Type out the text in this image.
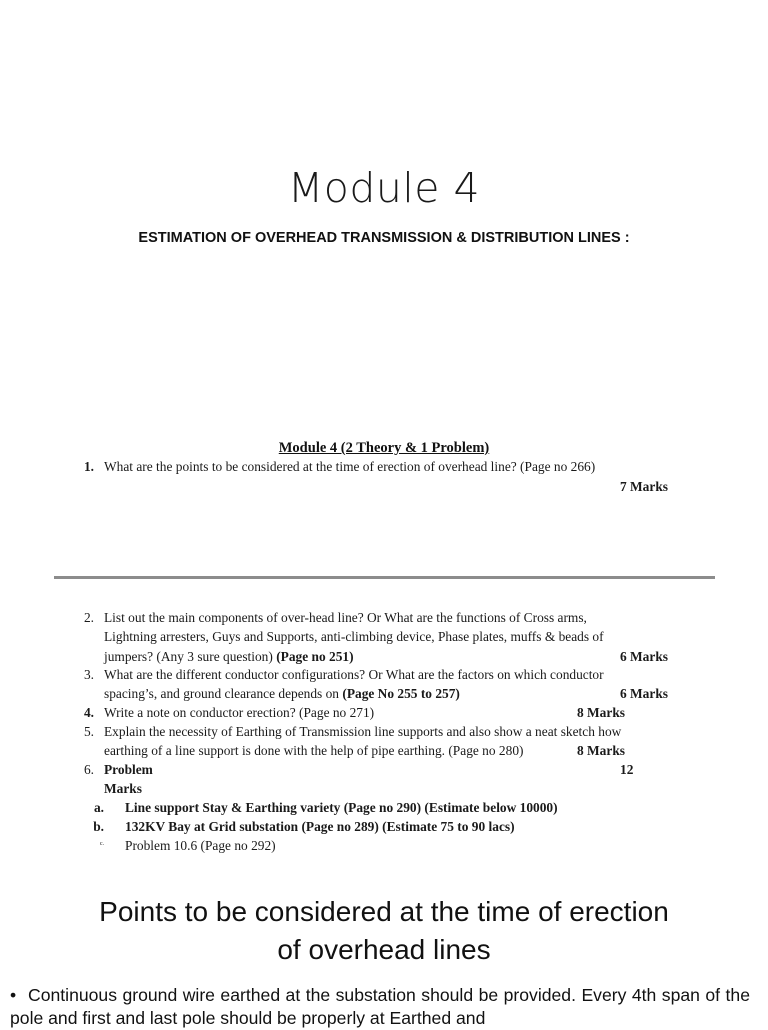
Module 4
ESTIMATION OF OVERHEAD TRANSMISSION & DISTRIBUTION LINES :
Module 4 (2 Theory & 1 Problem)
1. What are the points to be considered at the time of erection of overhead line? (Page no 266)
7 Marks
2. List out the main components of over-head line? Or What are the functions of Cross arms,
Lightning arresters, Guys and Supports, anti-climbing device, Phase plates, muffs & beads of
jumpers? (Any 3 sure question) (Page no 251)	6 Marks
3. What are the different conductor configurations? Or What are the factors on which conductor
spacing’s, and ground clearance depends on (Page No 255 to 257)	6 Marks
4. Write a note on conductor erection? (Page no 271)	8 Marks
5. Explain the necessity of Earthing of Transmission line supports and also show a neat sketch how
earthing of a line support is done with the help of pipe earthing. (Page no 280)	8 Marks
6. Problem	12
Marks
a. Line support Stay & Earthing variety (Page no 290) (Estimate below 10000)
b. 132KV Bay at Grid substation (Page no 289) (Estimate 75 to 90 lacs)
c. Problem 10.6 (Page no 292)
Points to be considered at the time of erection
of overhead lines
• Continuous ground wire earthed at the substation should be provided. Every 4th span of the pole and first and last pole should be properly at Earthed and
